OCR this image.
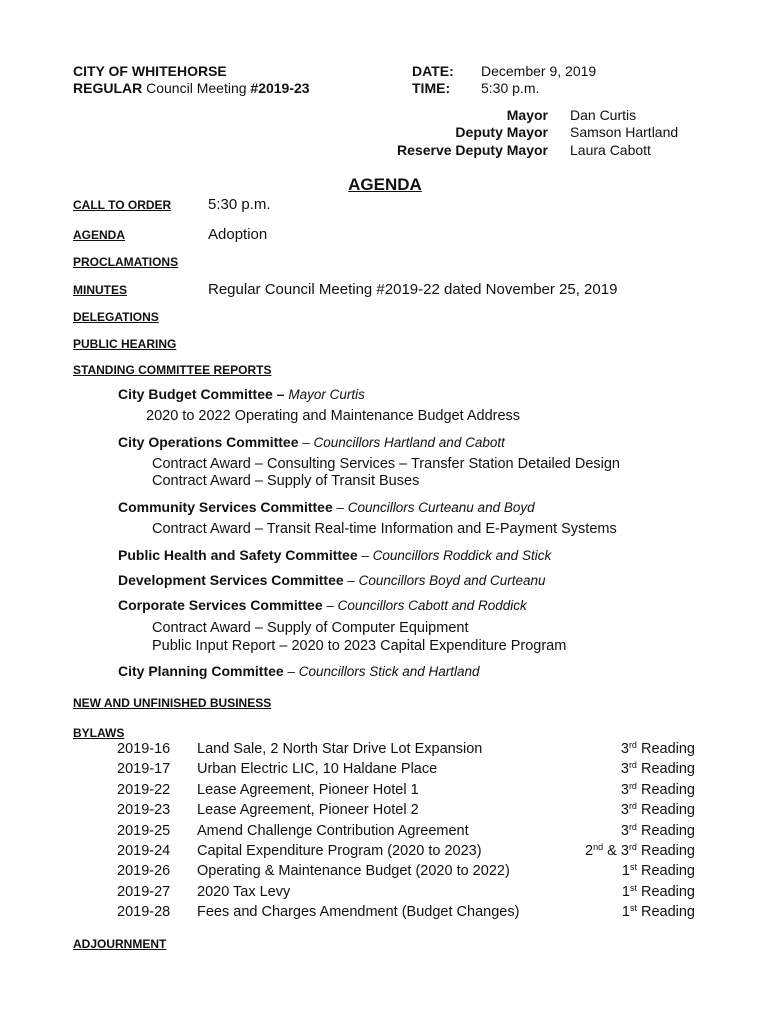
CITY OF WHITEHORSE
REGULAR Council Meeting #2019-23
DATE: December 9, 2019
TIME: 5:30 p.m.
Mayor Dan Curtis
Deputy Mayor Samson Hartland
Reserve Deputy Mayor Laura Cabott
AGENDA
CALL TO ORDER 5:30 p.m.
AGENDA	Adoption
PROCLAMATIONS
MINUTES	Regular Council Meeting #2019-22 dated November 25, 2019
DELEGATIONS
PUBLIC HEARING
STANDING COMMITTEE REPORTS
City Budget Committee – Mayor Curtis
2020 to 2022 Operating and Maintenance Budget Address
City Operations Committee – Councillors Hartland and Cabott
Contract Award – Consulting Services – Transfer Station Detailed Design
Contract Award – Supply of Transit Buses
Community Services Committee – Councillors Curteanu and Boyd
Contract Award – Transit Real-time Information and E-Payment Systems
Public Health and Safety Committee – Councillors Roddick and Stick
Development Services Committee – Councillors Boyd and Curteanu
Corporate Services Committee – Councillors Cabott and Roddick
Contract Award – Supply of Computer Equipment
Public Input Report – 2020 to 2023 Capital Expenditure Program
City Planning Committee – Councillors Stick and Hartland
NEW AND UNFINISHED BUSINESS
BYLAWS
2019-16 Land Sale, 2 North Star Drive Lot Expansion	3rd Reading
2019-17 Urban Electric LIC, 10 Haldane Place	3rd Reading
2019-22 Lease Agreement, Pioneer Hotel 1	3rd Reading
2019-23 Lease Agreement, Pioneer Hotel 2	3rd Reading
2019-25 Amend Challenge Contribution Agreement	3rd Reading
2019-24 Capital Expenditure Program (2020 to 2023)	2nd & 3rd Reading
2019-26 Operating & Maintenance Budget (2020 to 2022)	1st Reading
2019-27 2020 Tax Levy	1st Reading
2019-28 Fees and Charges Amendment (Budget Changes)	1st Reading
ADJOURNMENT
